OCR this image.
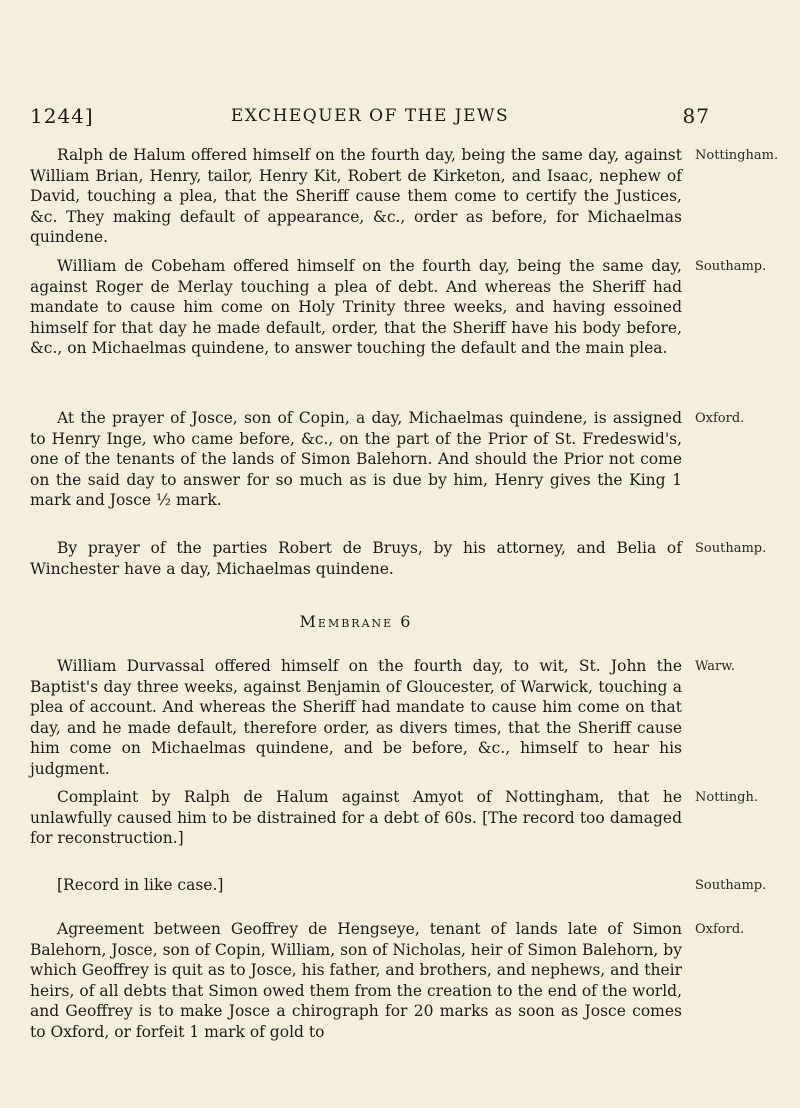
1244]	EXCHEQUER OF THE JEWS	87
Ralph de Halum offered himself on the fourth day, being the same day, against William Brian, Henry, tailor, Henry Kit, Robert de Kirketon, and Isaac, nephew of David, touching a plea, that the Sheriff cause them come to certify the Justices, &c. They making default of appearance, &c., order as before, for Michaelmas quindene.
Nottingham.
William de Cobeham offered himself on the fourth day, being the same day, against Roger de Merlay touching a plea of debt. And whereas the Sheriff had mandate to cause him come on Holy Trinity three weeks, and having essoined himself for that day he made default, order, that the Sheriff have his body before, &c., on Michaelmas quindene, to answer touching the default and the main plea.
Southamp.
At the prayer of Josce, son of Copin, a day, Michaelmas quindene, is assigned to Henry Inge, who came before, &c., on the part of the Prior of St. Fredeswid's, one of the tenants of the lands of Simon Balehorn. And should the Prior not come on the said day to answer for so much as is due by him, Henry gives the King 1 mark and Josce ½ mark.
Oxford.
By prayer of the parties Robert de Bruys, by his attorney, and Belia of Winchester have a day, Michaelmas quindene.
Southamp.
Membrane 6
William Durvassal offered himself on the fourth day, to wit, St. John the Baptist's day three weeks, against Benjamin of Gloucester, of Warwick, touching a plea of account. And whereas the Sheriff had mandate to cause him come on that day, and he made default, therefore order, as divers times, that the Sheriff cause him come on Michaelmas quindene, and be before, &c., himself to hear his judgment.
Warw.
Complaint by Ralph de Halum against Amyot of Nottingham, that he unlawfully caused him to be distrained for a debt of 60s. [The record too damaged for reconstruction.]
Nottingh.
[Record in like case.]	Southamp.
Agreement between Geoffrey de Hengseye, tenant of lands late of Simon Balehorn, Josce, son of Copin, William, son of Nicholas, heir of Simon Balehorn, by which Geoffrey is quit as to Josce, his father, and brothers, and nephews, and their heirs, of all debts that Simon owed them from the creation to the end of the world, and Geoffrey is to make Josce a chirograph for 20 marks as soon as Josce comes to Oxford, or forfeit 1 mark of gold to
Oxford.
